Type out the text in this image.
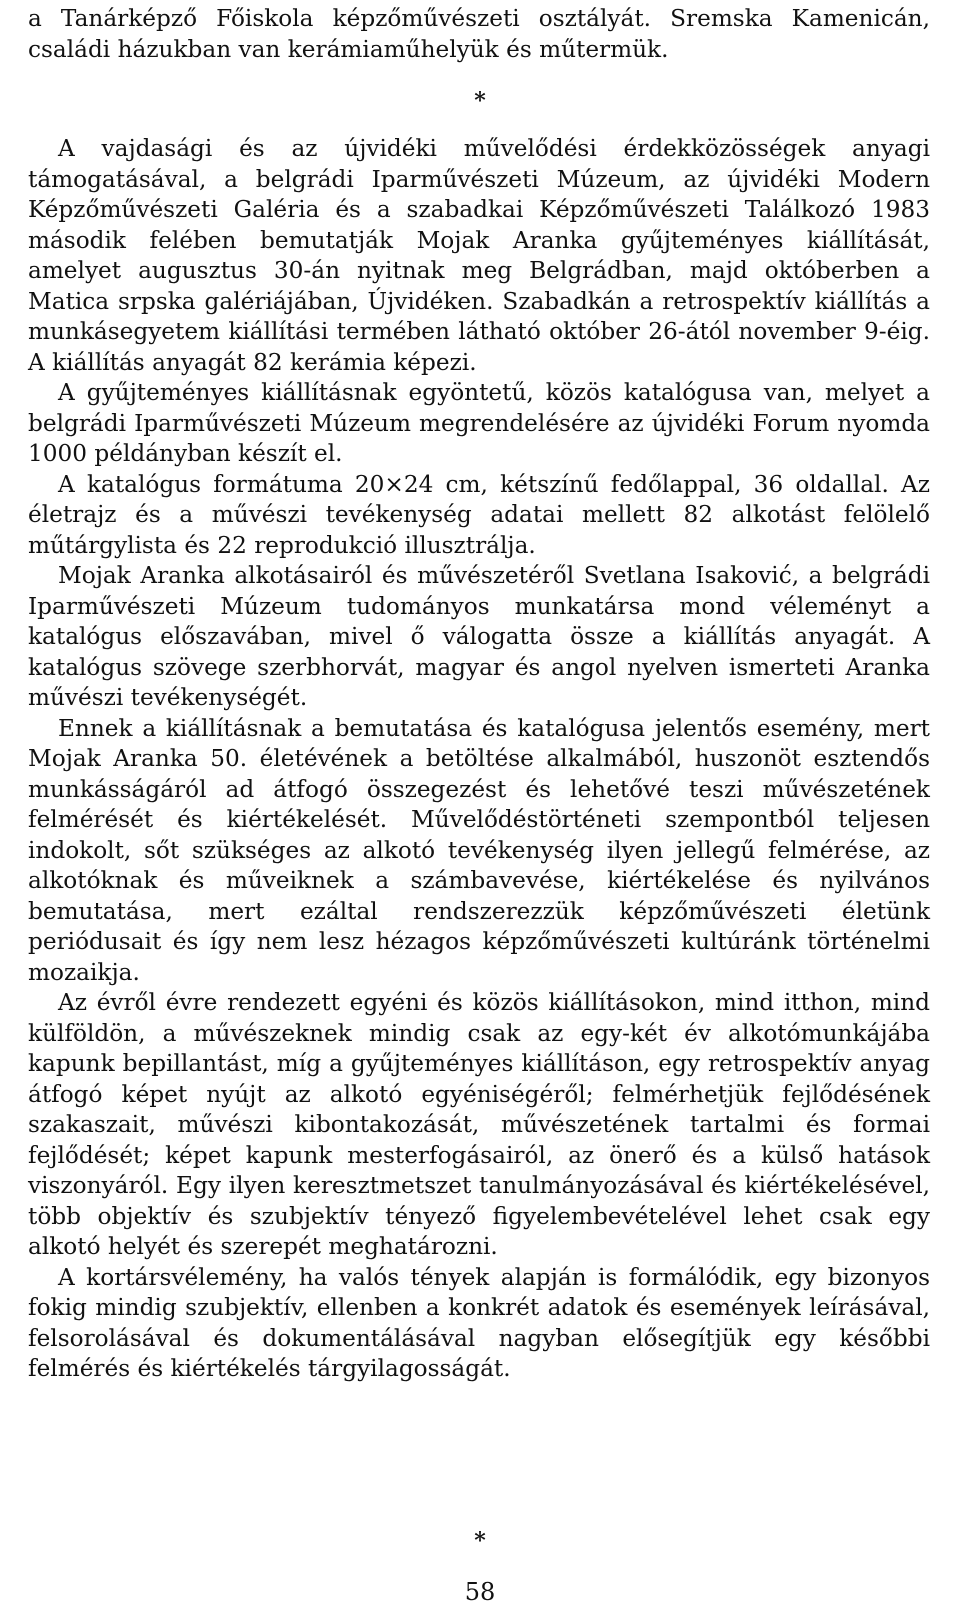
a Tanárképző Főiskola képzőművészeti osztályát. Sremska Kamenicán, családi házukban van kerámiaműhelyük és műtermük.

*

A vajdasági és az újvidéki művelődési érdekközösségek anyagi támogatásával, a belgrádi Iparművészeti Múzeum, az újvidéki Modern Képzőművészeti Galéria és a szabadkai Képzőművészeti Találkozó 1983 második felében bemutatják Mojak Aranka gyűjteményes kiállítását, amelyet augusztus 30-án nyitnak meg Belgrádban, majd októberben a Matica srpska galériájában, Újvidéken. Szabadkán a retrospektív kiállítás a munkásegyetem kiállítási termében látható október 26-ától november 9-éig. A kiállítás anyagát 82 kerámia képezi.

A gyűjteményes kiállításnak egyöntetű, közös katalógusa van, melyet a belgrádi Iparművészeti Múzeum megrendelésére az újvidéki Forum nyomda 1000 példányban készít el.

A katalógus formátuma 20×24 cm, kétszínű fedőlappal, 36 oldallal. Az életrajz és a művészi tevékenység adatai mellett 82 alkotást felölelő műtárgylista és 22 reprodukció illusztrálja.

Mojak Aranka alkotásairól és művészetéről Svetlana Isaković, a belgrádi Iparművészeti Múzeum tudományos munkatársa mond véleményt a katalógus előszavában, mivel ő válogatta össze a kiállítás anyagát. A katalógus szövege szerbhorvát, magyar és angol nyelven ismerteti Aranka művészi tevékenységét.

Ennek a kiállításnak a bemutatása és katalógusa jelentős esemény, mert Mojak Aranka 50. életévének a betöltése alkalmából, huszonöt esztendős munkásságáról ad átfogó összegezést és lehetővé teszi művészetének felmérését és kiértékelését. Művelődéstörténeti szempontból teljesen indokolt, sőt szükséges az alkotó tevékenység ilyen jellegű felmérése, az alkotóknak és műveiknek a számbavevése, kiértékelése és nyilvános bemutatása, mert ezáltal rendszerezzük képzőművészeti életünk periódusait és így nem lesz hézagos képzőművészeti kultúránk történelmi mozaikja.

Az évről évre rendezett egyéni és közös kiállításokon, mind itthon, mind külföldön, a művészeknek mindig csak az egy-két év alkotómunkájába kapunk bepillantást, míg a gyűjteményes kiállításon, egy retrospektív anyag átfogó képet nyújt az alkotó egyéniségéről; felmérhetjük fejlődésének szakaszait, művészi kibontakozását, művészetének tartalmi és formai fejlődését; képet kapunk mesterfogásairól, az önerő és a külső hatások viszonyáról. Egy ilyen keresztmetszet tanulmányozásával és kiértékelésével, több objektív és szubjektív tényező figyelembevételével lehet csak egy alkotó helyét és szerepét meghatározni.

A kortársvélemény, ha valós tények alapján is formálódik, egy bizonyos fokig mindig szubjektív, ellenben a konkrét adatok és események leírásával, felsorolásával és dokumentálásával nagyban elősegítjük egy későbbi felmérés és kiértékelés tárgyilagosságát.

*
58
